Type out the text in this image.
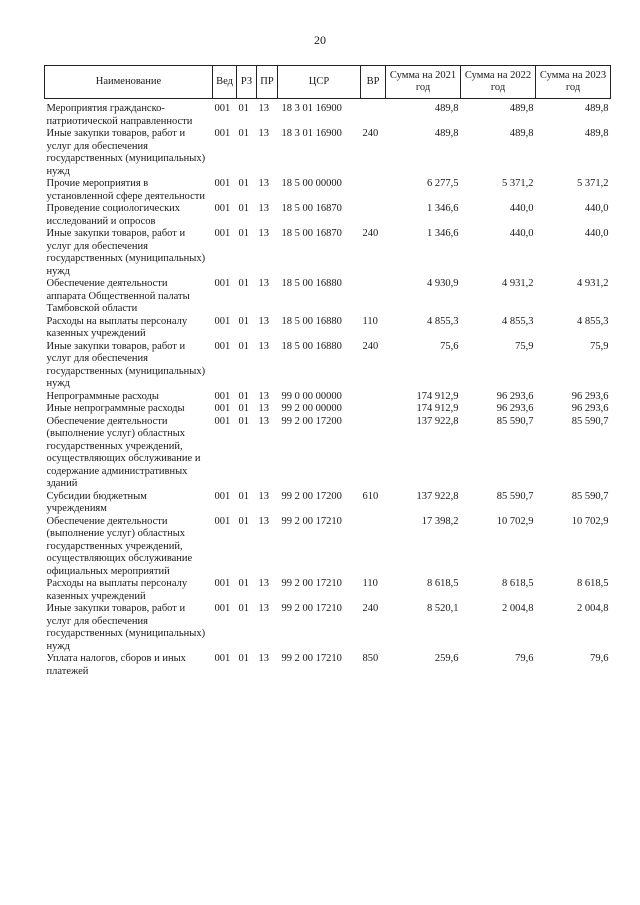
20
Наименование	Вед	РЗ	ПР	ЦСР	ВР	Сумма на 2021 год	Сумма на 2022 год	Сумма на 2023 год

Мероприятия гражданско-патриотической направленности	001	01	13	18 3 01 16900		489,8	489,8	489,8
Иные закупки товаров, работ и услуг для обеспечения государственных (муниципальных) нужд	001	01	13	18 3 01 16900	240	489,8	489,8	489,8
Прочие мероприятия в установленной сфере деятельности	001	01	13	18 5 00 00000		6 277,5	5 371,2	5 371,2
Проведение социологических исследований и опросов	001	01	13	18 5 00 16870		1 346,6	440,0	440,0
Иные закупки товаров, работ и услуг для обеспечения государственных (муниципальных) нужд	001	01	13	18 5 00 16870	240	1 346,6	440,0	440,0
Обеспечение деятельности аппарата Общественной палаты Тамбовской области	001	01	13	18 5 00 16880		4 930,9	4 931,2	4 931,2
Расходы на выплаты персоналу казенных учреждений	001	01	13	18 5 00 16880	110	4 855,3	4 855,3	4 855,3
Иные закупки товаров, работ и услуг для обеспечения государственных (муниципальных) нужд	001	01	13	18 5 00 16880	240	75,6	75,9	75,9
Непрограммные расходы	001	01	13	99 0 00 00000		174 912,9	96 293,6	96 293,6
Иные непрограммные расходы	001	01	13	99 2 00 00000		174 912,9	96 293,6	96 293,6
Обеспечение деятельности (выполнение услуг) областных государственных учреждений, осуществляющих обслуживание и содержание административных зданий	001	01	13	99 2 00 17200		137 922,8	85 590,7	85 590,7
Субсидии бюджетным учреждениям	001	01	13	99 2 00 17200	610	137 922,8	85 590,7	85 590,7
Обеспечение деятельности (выполнение услуг) областных государственных учреждений, осуществляющих обслуживание официальных мероприятий	001	01	13	99 2 00 17210		17 398,2	10 702,9	10 702,9
Расходы на выплаты персоналу казенных учреждений	001	01	13	99 2 00 17210	110	8 618,5	8 618,5	8 618,5
Иные закупки товаров, работ и услуг для обеспечения государственных (муниципальных) нужд	001	01	13	99 2 00 17210	240	8 520,1	2 004,8	2 004,8
Уплата налогов, сборов и иных платежей	001	01	13	99 2 00 17210	850	259,6	79,6	79,6
